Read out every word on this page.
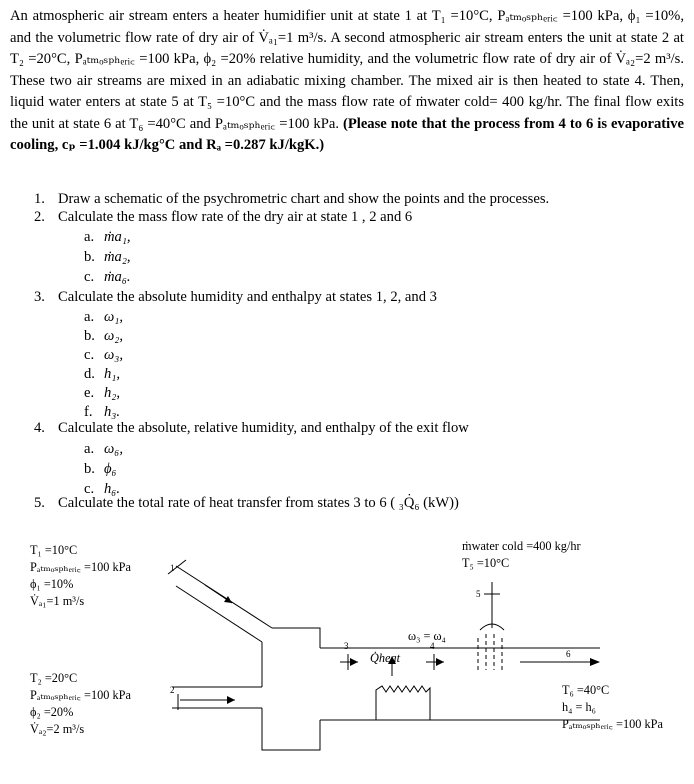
An atmospheric air stream enters a heater humidifier unit at state 1 at T₁ =10°C, Pₐₜₘₒₛₚₕₑᵣᵢ꜀ =100 kPa, ϕ₁ =10%, and the volumetric flow rate of dry air of V̇ₐ₁=1 m³/s. A second atmospheric air stream enters the unit at state 2 at T₂ =20°C, Pₐₜₘₒₛₚₕₑᵣᵢ꜀ =100 kPa, ϕ₂ =20% relative humidity, and the volumetric flow rate of dry air of V̇ₐ₂=2 m³/s. These two air streams are mixed in an adiabatic mixing chamber. The mixed air is then heated to state 4. Then, liquid water enters at state 5 at T₅ =10°C and the mass flow rate of ṁwater cold= 400 kg/hr. The final flow exits the unit at state 6 at T₆ =40°C and Pₐₜₘₒₛₚₕₑᵣᵢ꜀ =100 kPa. (Please note that the process from 4 to 6 is evaporative cooling, cₚ =1.004 kJ/kg°C and Rₐ =0.287 kJ/kgK.)
1. Draw a schematic of the psychrometric chart and show the points and the processes.
2. Calculate the mass flow rate of the dry air at state 1 , 2 and 6
a. ṁa₁,
b. ṁa₂,
c. ṁa₆.
3. Calculate the absolute humidity and enthalpy at states 1, 2, and 3
a. ω₁,
b. ω₂,
c. ω₃,
d. h₁,
e. h₂,
f. h₃.
4. Calculate the absolute, relative humidity, and enthalpy of the exit flow
a. ω₆,
b. ϕ₆
c. h₆.
5. Calculate the total rate of heat transfer from states 3 to 6 ( ₃Q̇₆ (kW))
T₁ =10°C
Pₐₜₘₒₛₚₕₑᵣᵢ꜀ =100 kPa
ϕ₁ =10%
V̇ₐ₁=1 m³/s
T₂ =20°C
Pₐₜₘₒₛₚₕₑᵣᵢ꜀ =100 kPa
ϕ₂ =20%
V̇ₐ₂=2 m³/s
ṁwater cold =400 kg/hr
T₅ =10°C
T₆ =40°C
h₄ = h₆
Pₐₜₘₒₛₚₕₑᵣᵢ꜀ =100 kPa
ω₃ = ω₄
Q̇heat
1
2
3	4
5
6
